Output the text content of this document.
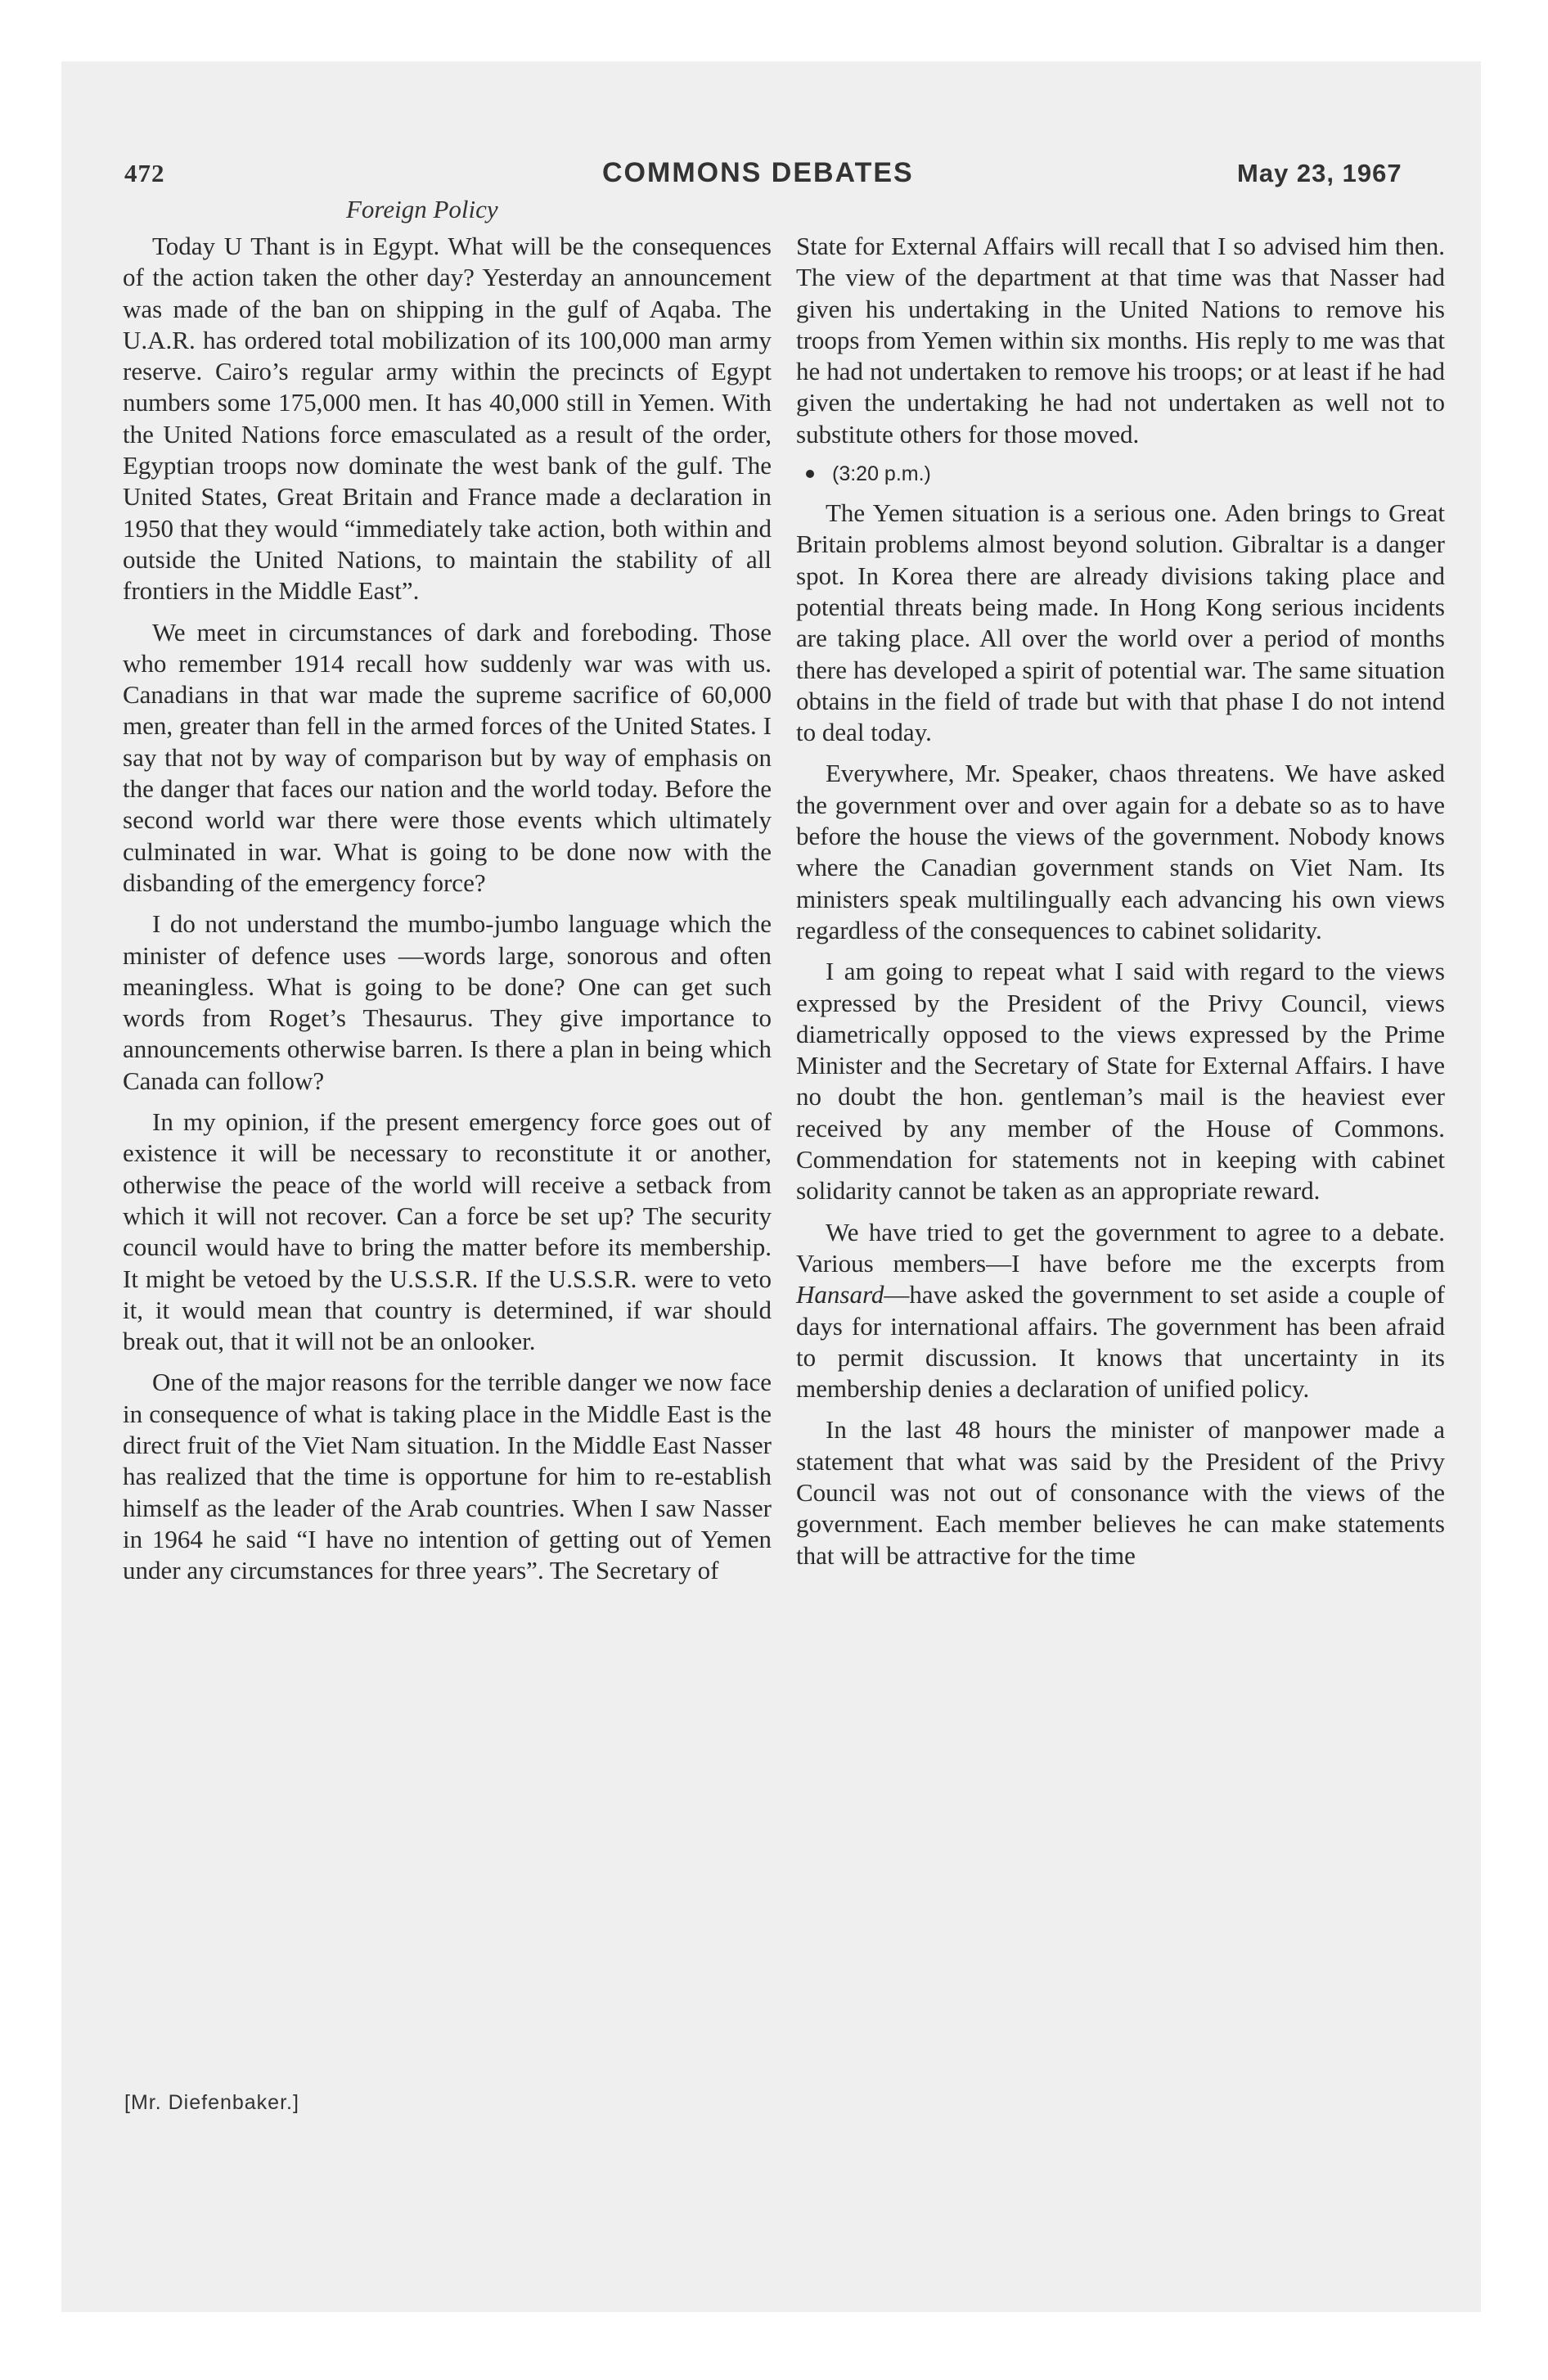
472	COMMONS DEBATES	May 23, 1967
Foreign Policy

Today U Thant is in Egypt. What will be the consequences of the action taken the other day? Yesterday an announcement was made of the ban on shipping in the gulf of Aqaba. The U.A.R. has ordered total mobilization of its 100,000 man army reserve. Cairo’s regular army within the precincts of Egypt numbers some 175,000 men. It has 40,000 still in Yemen. With the United Nations force emasculated as a result of the order, Egyptian troops now dominate the west bank of the gulf. The United States, Great Britain and France made a declaration in 1950 that they would “immediately take action, both within and outside the United Nations, to maintain the stability of all frontiers in the Middle East”.

We meet in circumstances of dark and foreboding. Those who remember 1914 recall how suddenly war was with us. Canadians in that war made the supreme sacrifice of 60,000 men, greater than fell in the armed forces of the United States. I say that not by way of comparison but by way of emphasis on the danger that faces our nation and the world today. Before the second world war there were those events which ultimately culminated in war. What is going to be done now with the disbanding of the emergency force?

I do not understand the mumbo-jumbo language which the minister of defence uses —words large, sonorous and often meaningless. What is going to be done? One can get such words from Roget’s Thesaurus. They give importance to announcements otherwise barren. Is there a plan in being which Canada can follow?

In my opinion, if the present emergency force goes out of existence it will be necessary to reconstitute it or another, otherwise the peace of the world will receive a setback from which it will not recover. Can a force be set up? The security council would have to bring the matter before its membership. It might be vetoed by the U.S.S.R. If the U.S.S.R. were to veto it, it would mean that country is determined, if war should break out, that it will not be an onlooker.

One of the major reasons for the terrible danger we now face in consequence of what is taking place in the Middle East is the direct fruit of the Viet Nam situation. In the Middle East Nasser has realized that the time is opportune for him to re-establish himself as the leader of the Arab countries. When I saw Nasser in 1964 he said “I have no intention of getting out of Yemen under any circumstances for three years”. The Secretary of

State for External Affairs will recall that I so advised him then. The view of the department at that time was that Nasser had given his undertaking in the United Nations to remove his troops from Yemen within six months. His reply to me was that he had not undertaken to remove his troops; or at least if he had given the undertaking he had not undertaken as well not to substitute others for those moved.

(3:20 p.m.)

The Yemen situation is a serious one. Aden brings to Great Britain problems almost beyond solution. Gibraltar is a danger spot. In Korea there are already divisions taking place and potential threats being made. In Hong Kong serious incidents are taking place. All over the world over a period of months there has developed a spirit of potential war. The same situation obtains in the field of trade but with that phase I do not intend to deal today.

Everywhere, Mr. Speaker, chaos threatens. We have asked the government over and over again for a debate so as to have before the house the views of the government. Nobody knows where the Canadian government stands on Viet Nam. Its ministers speak multilingually each advancing his own views regardless of the consequences to cabinet solidarity.

I am going to repeat what I said with regard to the views expressed by the President of the Privy Council, views diametrically opposed to the views expressed by the Prime Minister and the Secretary of State for External Affairs. I have no doubt the hon. gentleman’s mail is the heaviest ever received by any member of the House of Commons. Commendation for statements not in keeping with cabinet solidarity cannot be taken as an appropriate reward.

We have tried to get the government to agree to a debate. Various members—I have before me the excerpts from Hansard—have asked the government to set aside a couple of days for international affairs. The government has been afraid to permit discussion. It knows that uncertainty in its membership denies a declaration of unified policy.

In the last 48 hours the minister of manpower made a statement that what was said by the President of the Privy Council was not out of consonance with the views of the government. Each member believes he can make statements that will be attractive for the time

[Mr. Diefenbaker.]
